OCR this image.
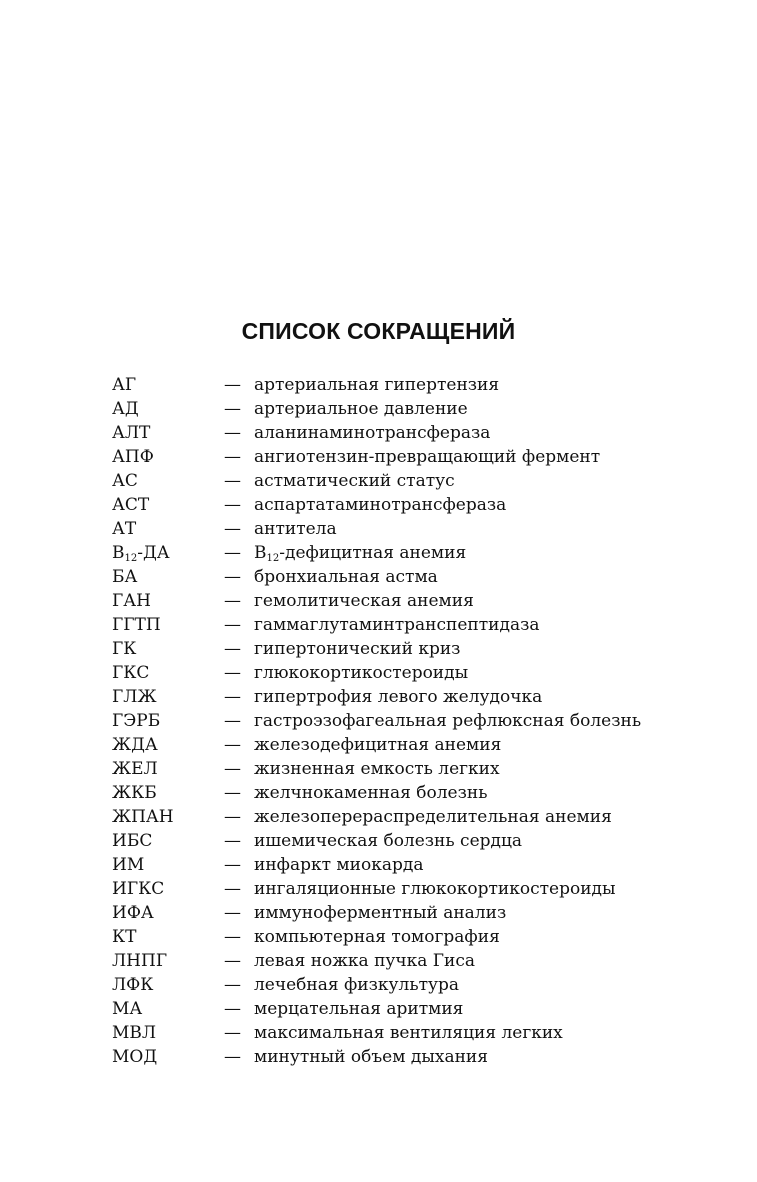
СПИСОК СОКРАЩЕНИЙ
АГ	— артериальная гипертензия
АД	— артериальное давление
АЛТ	— аланинаминотрансфераза
АПФ	— ангиотензин-превращающий фермент
АС	— астматический статус
АСТ	— аспартатаминотрансфераза
АТ	— антитела
$B_{12}-ДА$	— $B_{12}$-дефицитная анемия
БА	— бронхиальная астма
ГАН	— гемолитическая анемия
ГГТП	— гаммаглутаминтранспептидаза
ГК	— гипертонический криз
ГКС	— глюкокортикостероиды
ГЛЖ	— гипертрофия левого желудочка
ГЭРБ	— гастроэзофагеальная рефлюксная болезнь
ЖДА	— железодефицитная анемия
ЖЕЛ	— жизненная емкость легких
ЖКБ	— желчнокаменная болезнь
ЖПАН	— железоперераспределительная анемия
ИБС	— ишемическая болезнь сердца
ИМ	— инфаркт миокарда
ИГКС	— ингаляционные глюкокортикостероиды
ИФА	— иммуноферментный анализ
КТ	— компьютерная томография
ЛНПГ	— левая ножка пучка Гиса
ЛФК	— лечебная физкультура
МА	— мерцательная аритмия
МВЛ	— максимальная вентиляция легких
МОД	— минутный объем дыхания
